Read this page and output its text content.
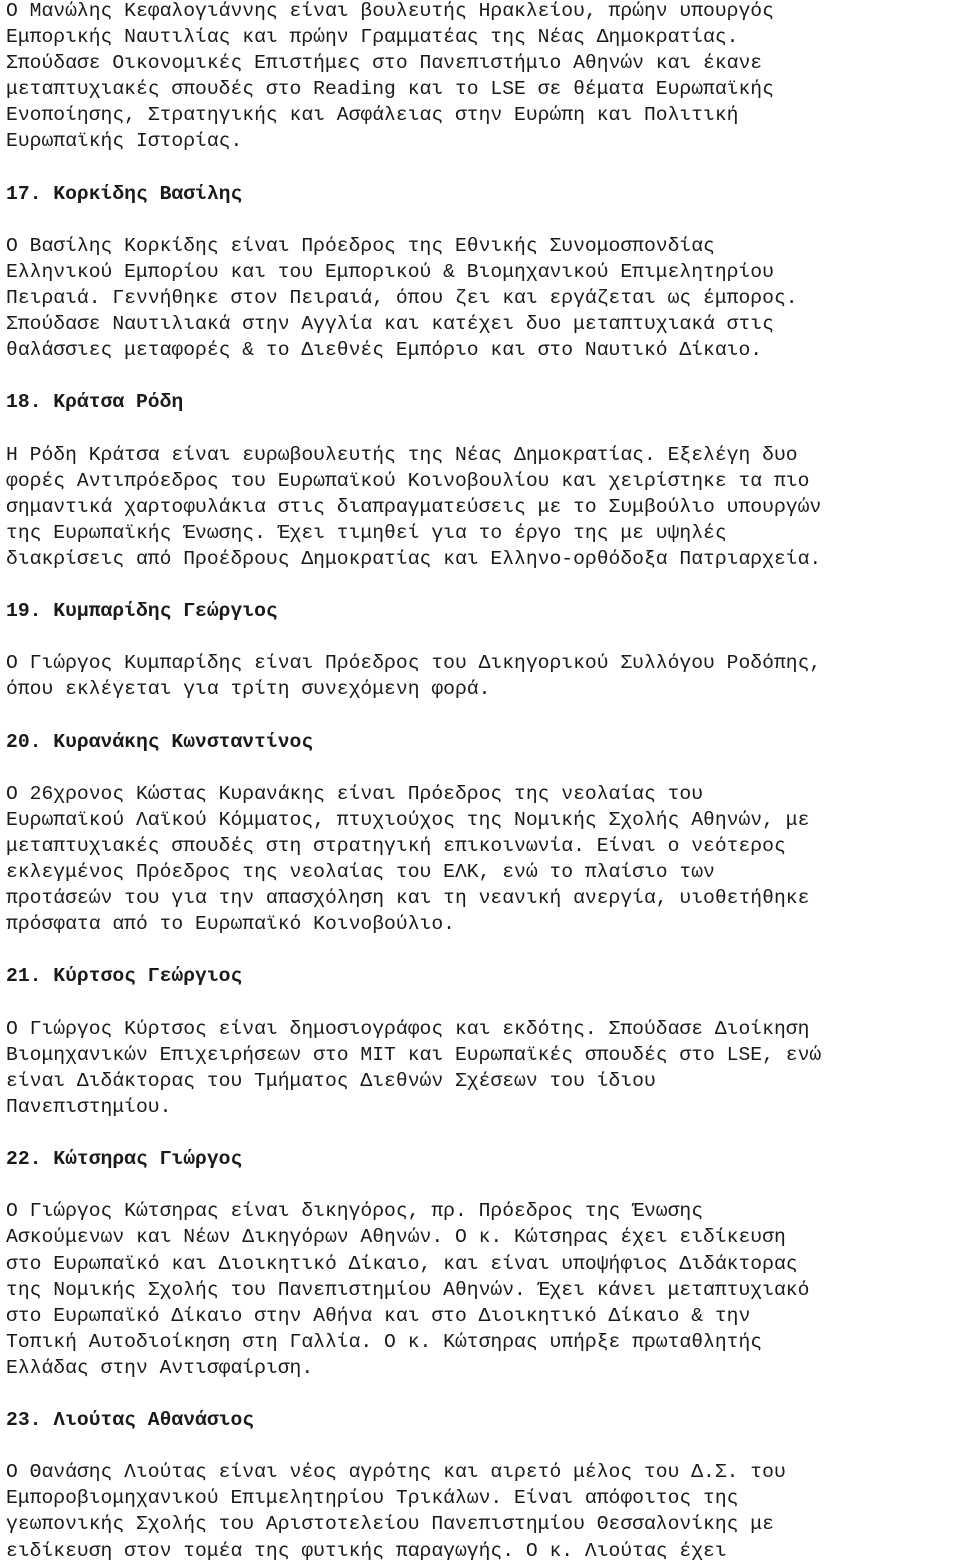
Ο Μανώλης Κεφαλογιάννης είναι βουλευτής Ηρακλείου, πρώην υπουργός
Εμπορικής Ναυτιλίας και πρώην Γραμματέας της Νέας Δημοκρατίας.
Σπούδασε Οικονομικές Επιστήμες στο Πανεπιστήμιο Αθηνών και έκανε
μεταπτυχιακές σπουδές στο Reading και το LSE σε θέματα Ευρωπαϊκής
Ενοποίησης, Στρατηγικής και Ασφάλειας στην Ευρώπη και Πολιτική
Ευρωπαϊκής Ιστορίας.
17. Κορκίδης Βασίλης
Ο Βασίλης Κορκίδης είναι Πρόεδρος της Εθνικής Συνομοσπονδίας
Ελληνικού Εμπορίου και του Εμπορικού & Βιομηχανικού Επιμελητηρίου
Πειραιά. Γεννήθηκε στον Πειραιά, όπου ζει και εργάζεται ως έμπορος.
Σπούδασε Ναυτιλιακά στην Αγγλία και κατέχει δυο μεταπτυχιακά στις
θαλάσσιες μεταφορές & το Διεθνές Εμπόριο και στο Ναυτικό Δίκαιο.
18. Κράτσα Ρόδη
Η Ρόδη Κράτσα είναι ευρωβουλευτής της Νέας Δημοκρατίας. Εξελέγη δυο
φορές Αντιπρόεδρος του Ευρωπαϊκού Κοινοβουλίου και χειρίστηκε τα πιο
σημαντικά χαρτοφυλάκια στις διαπραγματεύσεις με το Συμβούλιο υπουργών
της Ευρωπαϊκής Ένωσης. Έχει τιμηθεί για το έργο της με υψηλές
διακρίσεις από Προέδρους Δημοκρατίας και Ελληνο-ορθόδοξα Πατριαρχεία.
19. Κυμπαρίδης Γεώργιος
Ο Γιώργος Κυμπαρίδης είναι Πρόεδρος του Δικηγορικού Συλλόγου Ροδόπης,
όπου εκλέγεται για τρίτη συνεχόμενη φορά.
20. Κυρανάκης Κωνσταντίνος
Ο 26χρονος Κώστας Κυρανάκης είναι Πρόεδρος της νεολαίας του
Ευρωπαϊκού Λαϊκού Κόμματος, πτυχιούχος της Νομικής Σχολής Αθηνών, με
μεταπτυχιακές σπουδές στη στρατηγική επικοινωνία. Είναι ο νεότερος
εκλεγμένος Πρόεδρος της νεολαίας του ΕΛΚ, ενώ το πλαίσιο των
προτάσεών του για την απασχόληση και τη νεανική ανεργία, υιοθετήθηκε
πρόσφατα από το Ευρωπαϊκό Κοινοβούλιο.
21. Κύρτσος Γεώργιος
Ο Γιώργος Κύρτσος είναι δημοσιογράφος και εκδότης. Σπούδασε Διοίκηση
Βιομηχανικών Επιχειρήσεων στο MIT και Ευρωπαϊκές σπουδές στο LSE, ενώ
είναι Διδάκτορας του Τμήματος Διεθνών Σχέσεων του ίδιου
Πανεπιστημίου.
22. Κώτσηρας Γιώργος
Ο Γιώργος Κώτσηρας είναι δικηγόρος, πρ. Πρόεδρος της Ένωσης
Ασκούμενων και Νέων Δικηγόρων Αθηνών. Ο κ. Κώτσηρας έχει ειδίκευση
στο Ευρωπαϊκό και Διοικητικό Δίκαιο, και είναι υποψήφιος Διδάκτορας
της Νομικής Σχολής του Πανεπιστημίου Αθηνών. Έχει κάνει μεταπτυχιακό
στο Ευρωπαϊκό Δίκαιο στην Αθήνα και στο Διοικητικό Δίκαιο & την
Τοπική Αυτοδιοίκηση στη Γαλλία. Ο κ. Κώτσηρας υπήρξε πρωταθλητής
Ελλάδας στην Αντισφαίριση.
23. Λιούτας Αθανάσιος
Ο Θανάσης Λιούτας είναι νέος αγρότης και αιρετό μέλος του Δ.Σ. του
Εμποροβιομηχανικού Επιμελητηρίου Τρικάλων. Είναι απόφοιτος της
γεωπονικής Σχολής του Αριστοτελείου Πανεπιστημίου Θεσσαλονίκης με
ειδίκευση στον τομέα της φυτικής παραγωγής. Ο κ. Λιούτας έχει
